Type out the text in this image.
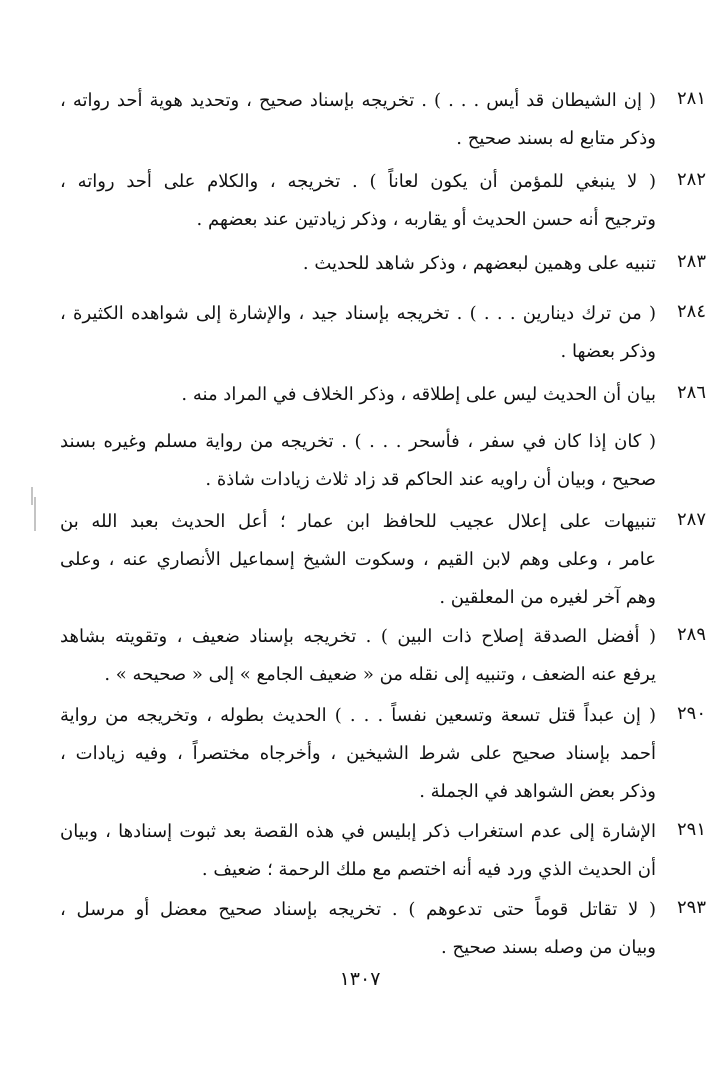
٢٨١
( إن الشيطان قد أيس . . . ) . تخريجه بإسناد صحيح ، وتحديد هوية أحد رواته ،
وذكر متابع له بسند صحيح .
٢٨٢
( لا ينبغي للمؤمن أن يكون لعاناً ) . تخريجه ، والكلام على أحد رواته ،
وترجيح أنه حسن الحديث أو يقاربه ، وذكر زيادتين عند بعضهم .
٢٨٣
تنبيه على وهمين لبعضهم ، وذكر شاهد للحديث .
٢٨٤
( من ترك دينارين . . . ) . تخريجه بإسناد جيد ، والإشارة إلى شواهده الكثيرة ،
وذكر بعضها .
٢٨٦
بيان أن الحديث ليس على إطلاقه ، وذكر الخلاف في المراد منه .
( كان إذا كان في سفر ، فأسحر . . . ) . تخريجه من رواية مسلم وغيره بسند
صحيح ، وبيان أن راويه عند الحاكم قد زاد ثلاث زيادات شاذة .
٢٨٧
تنبيهات على إعلال عجيب للحافظ ابن عمار ؛ أعل الحديث بعبد الله بن
عامر ، وعلى وهم لابن القيم ، وسكوت الشيخ إسماعيل الأنصاري عنه ، وعلى
وهم آخر لغيره من المعلقين .
٢٨٩
( أفضل الصدقة إصلاح ذات البين ) . تخريجه بإسناد ضعيف ، وتقويته بشاهد
يرفع عنه الضعف ، وتنبيه إلى نقله من « ضعيف الجامع » إلى « صحيحه » .
٢٩٠
( إن عبداً قتل تسعة وتسعين نفساً . . . ) الحديث بطوله ، وتخريجه من رواية
أحمد بإسناد صحيح على شرط الشيخين ، وأخرجاه مختصراً ، وفيه زيادات ،
وذكر بعض الشواهد في الجملة .
٢٩١
الإشارة إلى عدم استغراب ذكر إبليس في هذه القصة بعد ثبوت إسنادها ، وبيان
أن الحديث الذي ورد فيه أنه اختصم مع ملك الرحمة ؛ ضعيف .
٢٩٣
( لا تقاتل قوماً حتى تدعوهم ) . تخريجه بإسناد صحيح معضل أو مرسل ،
وبيان من وصله بسند صحيح .
١٣٠٧
